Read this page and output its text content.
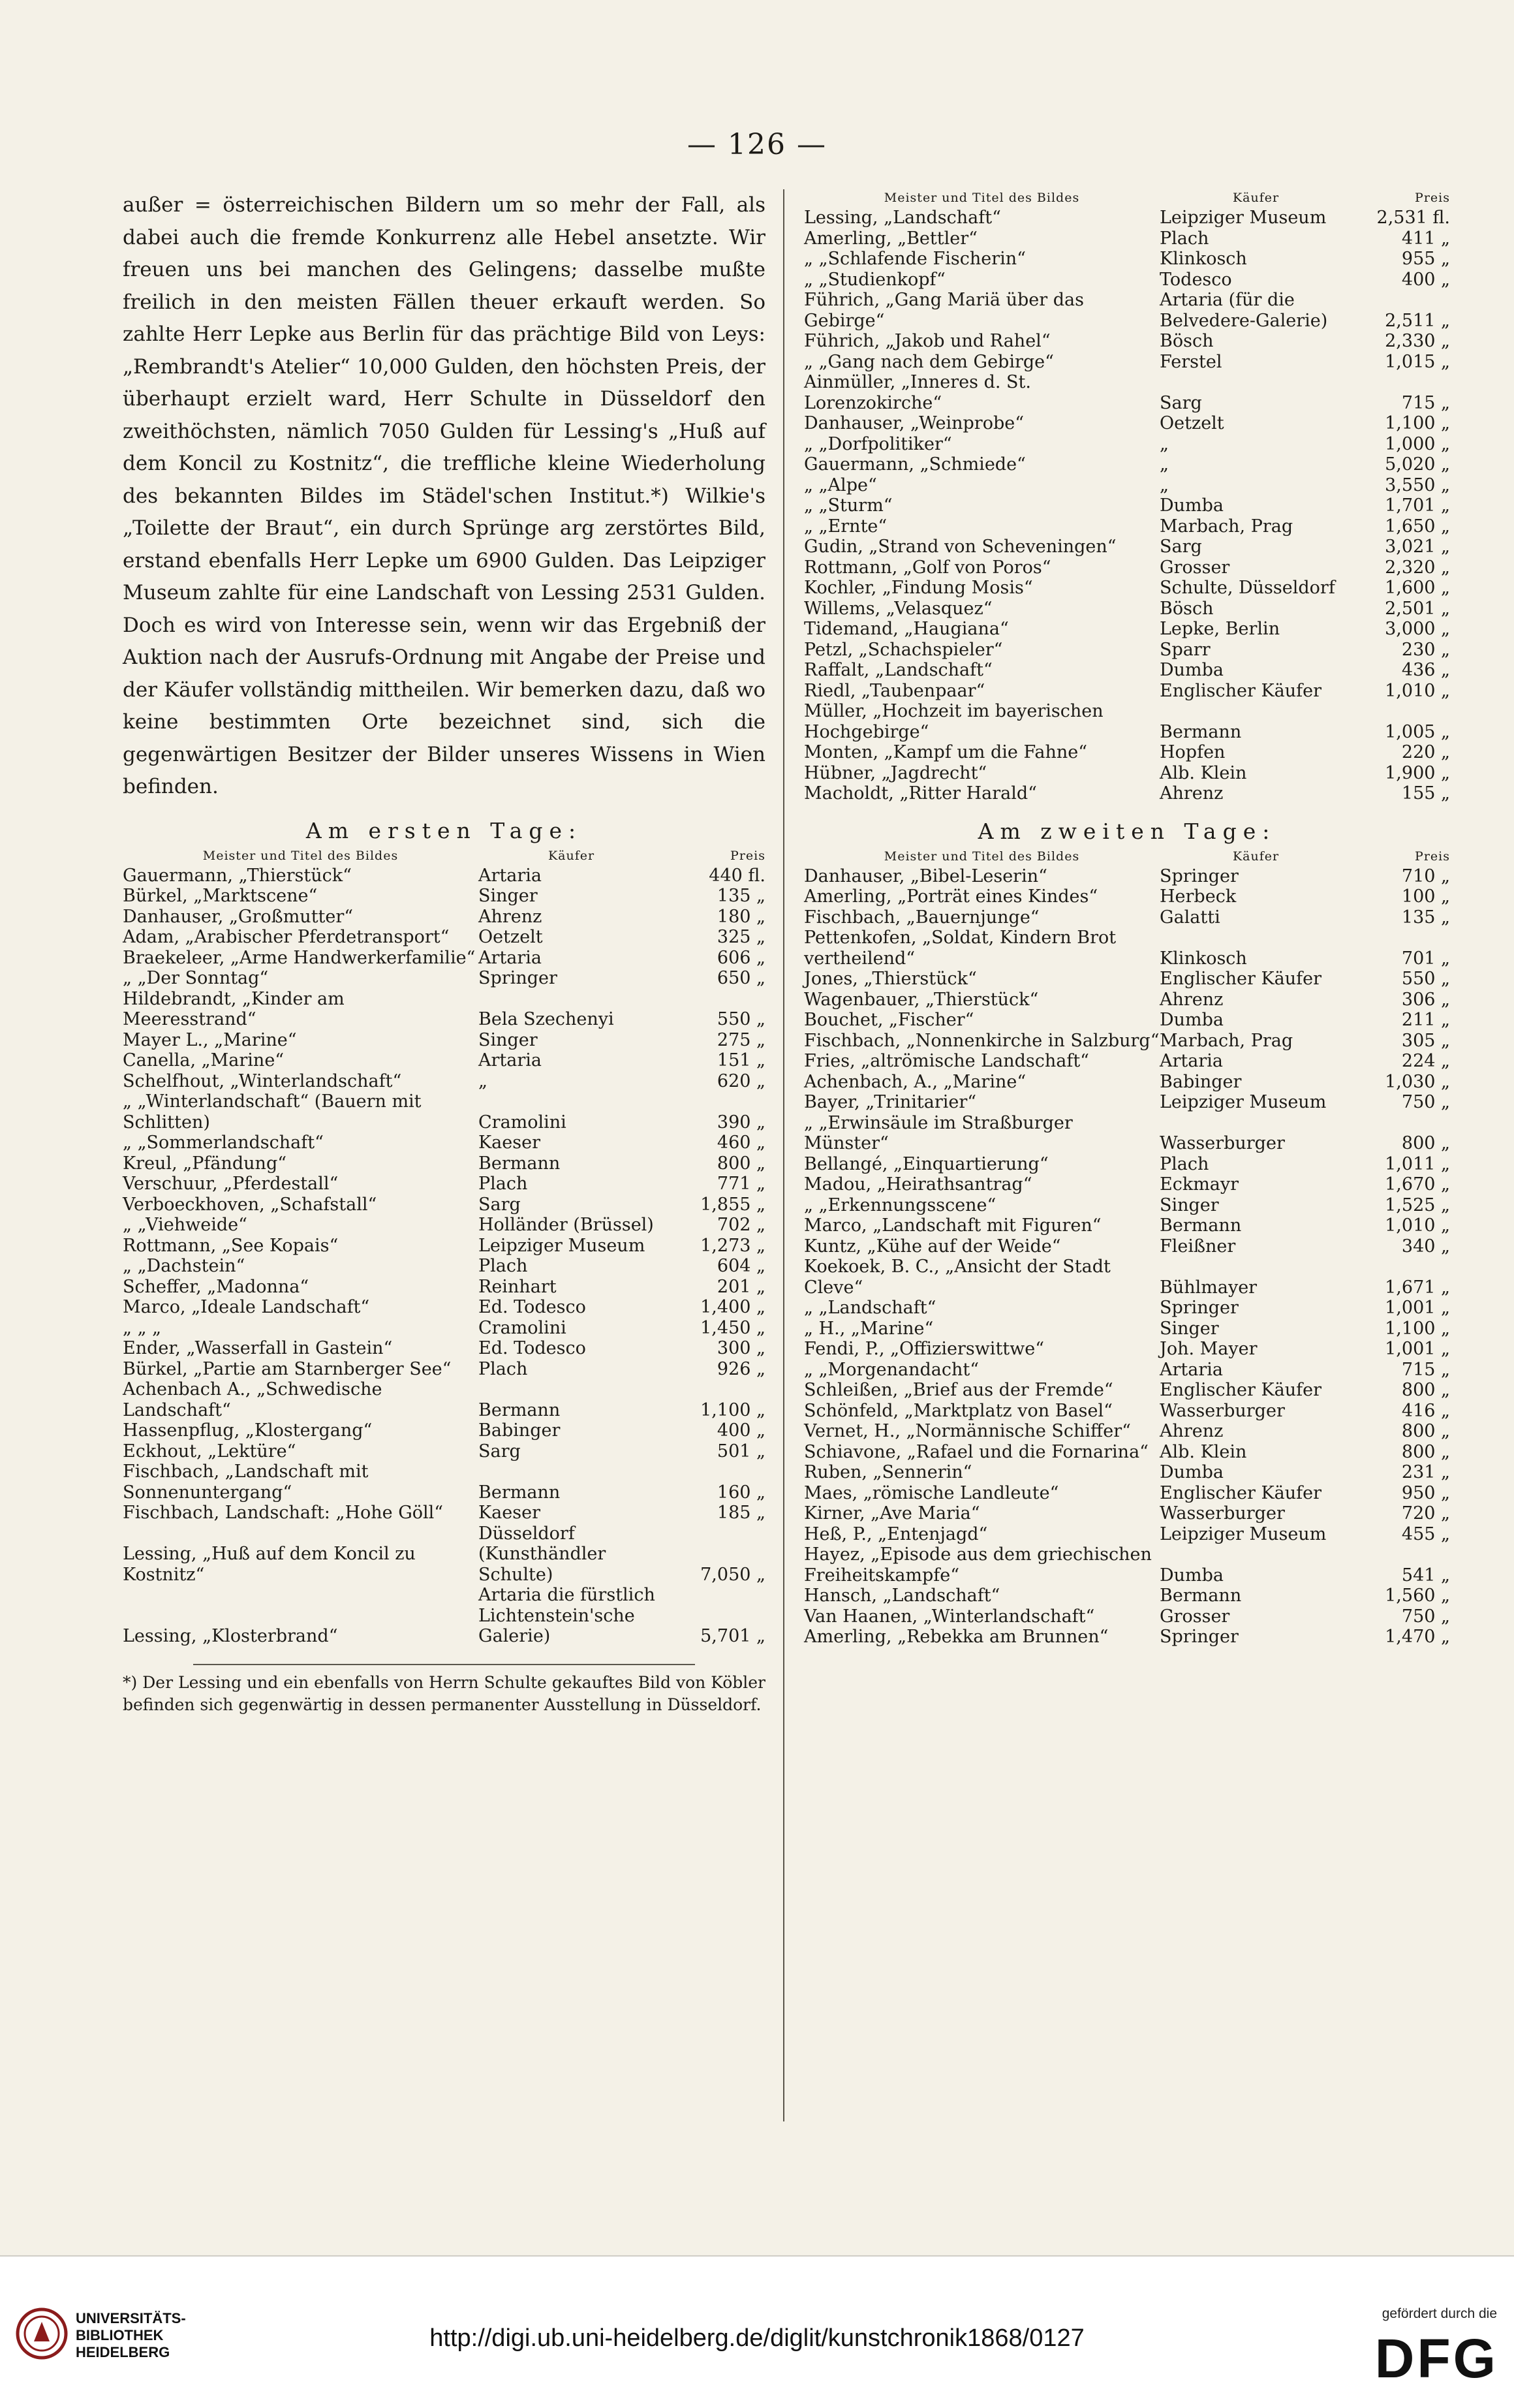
— 126 —

außer = österreichischen Bildern um so mehr der Fall, als dabei auch die fremde Konkurrenz alle Hebel ansetzte. Wir freuen uns bei manchen des Gelingens; dasselbe mußte freilich in den meisten Fällen theuer erkauft werden. So zahlte Herr Lepke aus Berlin für das prächtige Bild von Leys: „Rembrandt's Atelier“ 10,000 Gulden, den höchsten Preis, der überhaupt erzielt ward, Herr Schulte in Düsseldorf den zweithöchsten, nämlich 7050 Gulden für Lessing's „Huß auf dem Koncil zu Kostnitz“, die treffliche kleine Wiederholung des bekannten Bildes im Städel'schen Institut.*) Wilkie's „Toilette der Braut“, ein durch Sprünge arg zerstörtes Bild, erstand ebenfalls Herr Lepke um 6900 Gulden. Das Leipziger Museum zahlte für eine Landschaft von Lessing 2531 Gulden. Doch es wird von Interesse sein, wenn wir das Ergebniß der Auktion nach der Ausrufs-Ordnung mit Angabe der Preise und der Käufer vollständig mittheilen. Wir bemerken dazu, daß wo keine bestimmten Orte bezeichnet sind, sich die gegenwärtigen Besitzer der Bilder unseres Wissens in Wien befinden.

Am ersten Tage:
Meister und Titel des Bildes	Käufer	Preis
Gauermann, „Thierstück“	Artaria	440 fl.
Bürkel, „Marktscene“	Singer	135 „
Danhauser, „Großmutter“	Ahrenz	180 „
Adam, „Arabischer Pferdetransport“	Oetzelt	325 „
Braekeleer, „Arme Handwerkerfamilie“	Artaria	606 „
„ „Der Sonntag“	Springer	650 „
Hildebrandt, „Kinder am Meeresstrand“	Bela Szechenyi	550 „
Mayer L., „Marine“	Singer	275 „
Canella, „Marine“	Artaria	151 „
Schelfhout, „Winterlandschaft“	„	620 „
„ „Winterlandschaft“ (Bauern mit Schlitten)	Cramolini	390 „
„ „Sommerlandschaft“	Kaeser	460 „
Kreul, „Pfändung“	Bermann	800 „
Verschuur, „Pferdestall“	Plach	771 „
Verboeckhoven, „Schafstall“	Sarg	1,855 „
„ „Viehweide“	Holländer (Brüssel)	702 „
Rottmann, „See Kopais“	Leipziger Museum	1,273 „
„ „Dachstein“	Plach	604 „
Scheffer, „Madonna“	Reinhart	201 „
Marco, „Ideale Landschaft“	Ed. Todesco	1,400 „
„ „ „	Cramolini	1,450 „
Ender, „Wasserfall in Gastein“	Ed. Todesco	300 „
Bürkel, „Partie am Starnberger See“	Plach	926 „
Achenbach A., „Schwedische Landschaft“	Bermann	1,100 „
Hassenpflug, „Klostergang“	Babinger	400 „
Eckhout, „Lektüre“	Sarg	501 „
Fischbach, „Landschaft mit Sonnenuntergang“	Bermann	160 „
Fischbach, Landschaft: „Hohe Göll“	Kaeser	185 „
Lessing, „Huß auf dem Koncil zu Kostnitz“	Düsseldorf (Kunsthändler Schulte)	7,050 „
Lessing, „Klosterbrand“	Artaria die fürstlich Lichtenstein'sche Galerie)	5,701 „

*) Der Lessing und ein ebenfalls von Herrn Schulte gekauftes Bild von Köbler befinden sich gegenwärtig in dessen permanenter Ausstellung in Düsseldorf.

Meister und Titel des Bildes	Käufer	Preis
Lessing, „Landschaft“	Leipziger Museum	2,531 fl.
Amerling, „Bettler“	Plach	411 „
„ „Schlafende Fischerin“	Klinkosch	955 „
„ „Studienkopf“	Todesco	400 „
Führich, „Gang Mariä über das Gebirge“	Artaria (für die Belvedere-Galerie)	2,511 „
Führich, „Jakob und Rahel“	Bösch	2,330 „
„ „Gang nach dem Gebirge“	Ferstel	1,015 „
Ainmüller, „Inneres d. St. Lorenzokirche“	Sarg	715 „
Danhauser, „Weinprobe“	Oetzelt	1,100 „
„ „Dorfpolitiker“	„	1,000 „
Gauermann, „Schmiede“	„	5,020 „
„ „Alpe“	„	3,550 „
„ „Sturm“	Dumba	1,701 „
„ „Ernte“	Marbach, Prag	1,650 „
Gudin, „Strand von Scheveningen“	Sarg	3,021 „
Rottmann, „Golf von Poros“	Grosser	2,320 „
Kochler, „Findung Mosis“	Schulte, Düsseldorf	1,600 „
Willems, „Velasquez“	Bösch	2,501 „
Tidemand, „Haugiana“	Lepke, Berlin	3,000 „
Petzl, „Schachspieler“	Sparr	230 „
Raffalt, „Landschaft“	Dumba	436 „
Riedl, „Taubenpaar“	Englischer Käufer	1,010 „
Müller, „Hochzeit im bayerischen Hochgebirge“	Bermann	1,005 „
Monten, „Kampf um die Fahne“	Hopfen	220 „
Hübner, „Jagdrecht“	Alb. Klein	1,900 „
Macholdt, „Ritter Harald“	Ahrenz	155 „
Am zweiten Tage:
Meister und Titel des Bildes	Käufer	Preis
Danhauser, „Bibel-Leserin“	Springer	710 „
Amerling, „Porträt eines Kindes“	Herbeck	100 „
Fischbach, „Bauernjunge“	Galatti	135 „
Pettenkofen, „Soldat, Kindern Brot vertheilend“	Klinkosch	701 „
Jones, „Thierstück“	Englischer Käufer	550 „
Wagenbauer, „Thierstück“	Ahrenz	306 „
Bouchet, „Fischer“	Dumba	211 „
Fischbach, „Nonnenkirche in Salzburg“	Marbach, Prag	305 „
Fries, „altrömische Landschaft“	Artaria	224 „
Achenbach, A., „Marine“	Babinger	1,030 „
Bayer, „Trinitarier“	Leipziger Museum	750 „
„ „Erwinsäule im Straßburger Münster“	Wasserburger	800 „
Bellangé, „Einquartierung“	Plach	1,011 „
Madou, „Heirathsantrag“	Eckmayr	1,670 „
„ „Erkennungsscene“	Singer	1,525 „
Marco, „Landschaft mit Figuren“	Bermann	1,010 „
Kuntz, „Kühe auf der Weide“	Fleißner	340 „
Koekoek, B. C., „Ansicht der Stadt Cleve“	Bühlmayer	1,671 „
„ „Landschaft“	Springer	1,001 „
„ H., „Marine“	Singer	1,100 „
Fendi, P., „Offizierswittwe“	Joh. Mayer	1,001 „
„ „Morgenandacht“	Artaria	715 „
Schleißen, „Brief aus der Fremde“	Englischer Käufer	800 „
Schönfeld, „Marktplatz von Basel“	Wasserburger	416 „
Vernet, H., „Normännische Schiffer“	Ahrenz	800 „
Schiavone, „Rafael und die Fornarina“	Alb. Klein	800 „
Ruben, „Sennerin“	Dumba	231 „
Maes, „römische Landleute“	Englischer Käufer	950 „
Kirner, „Ave Maria“	Wasserburger	720 „
Heß, P., „Entenjagd“	Leipziger Museum	455 „
Hayez, „Episode aus dem griechischen Freiheitskampfe“	Dumba	541 „
Hansch, „Landschaft“	Bermann	1,560 „
Van Haanen, „Winterlandschaft“	Grosser	750 „
Amerling, „Rebekka am Brunnen“	Springer	1,470 „
UNIVERSITÄTS-
BIBLIOTHEK
HEIDELBERG
http://digi.ub.uni-heidelberg.de/diglit/kunstchronik1868/0127
gefördert durch die
DFG
